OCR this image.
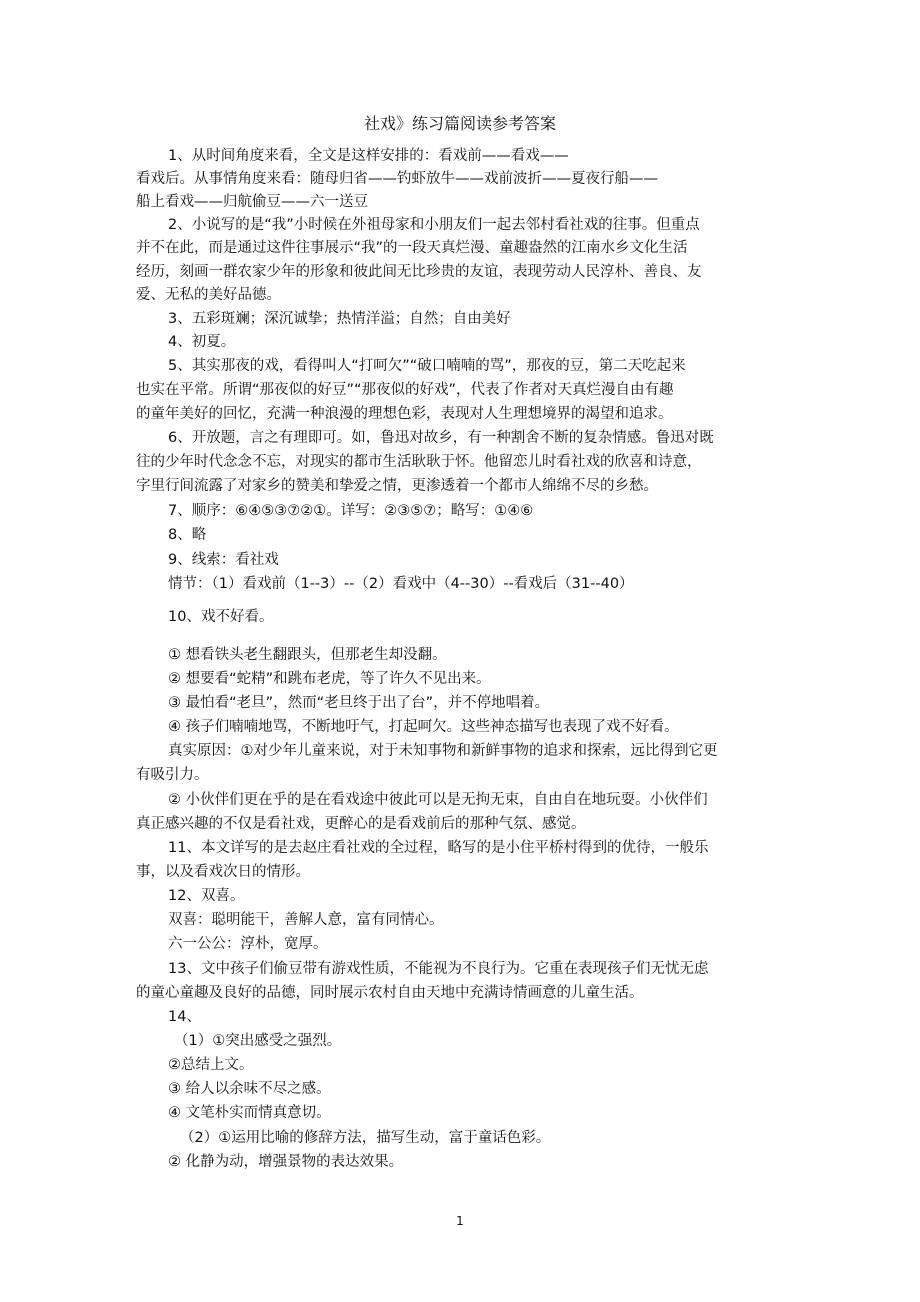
社戏》练习篇阅读参考答案
1、从时间角度来看，全文是这样安排的：看戏前——看戏——
看戏后。从事情角度来看：随母归省——钓虾放牛——戏前波折——夏夜行船——
船上看戏——归航偷豆——六一送豆
2、小说写的是“我”小时候在外祖母家和小朋友们一起去邻村看社戏的往事。但重点
并不在此，而是通过这件往事展示“我”的一段天真烂漫、童趣盎然的江南水乡文化生活
经历，刻画一群农家少年的形象和彼此间无比珍贵的友谊，表现劳动人民淳朴、善良、友
爱、无私的美好品德。
3、五彩斑斓；深沉诚挚；热情洋溢；自然；自由美好
4、初夏。
5、其实那夜的戏，看得叫人“打呵欠”“破口喃喃的骂”，那夜的豆，第二天吃起来
也实在平常。所谓“那夜似的好豆”“那夜似的好戏”，代表了作者对天真烂漫自由有趣
的童年美好的回忆，充满一种浪漫的理想色彩，表现对人生理想境界的渴望和追求。
6、开放题，言之有理即可。如，鲁迅对故乡，有一种割舍不断的复杂情感。鲁迅对既
往的少年时代念念不忘，对现实的都市生活耿耿于怀。他留恋儿时看社戏的欣喜和诗意，
字里行间流露了对家乡的赞美和挚爱之情，更渗透着一个都市人绵绵不尽的乡愁。
7、顺序：⑥④⑤③⑦②①。详写：②③⑤⑦；略写：①④⑥
8、略
9、线索：看社戏
情节：（1）看戏前（1--3）--（2）看戏中（4--30）--看戏后（31--40）
10、戏不好看。
① 想看铁头老生翻跟头，但那老生却没翻。
② 想要看“蛇精”和跳布老虎，等了许久不见出来。
③ 最怕看“老旦”，然而“老旦终于出了台”，并不停地唱着。
④ 孩子们喃喃地骂，不断地吁气，打起呵欠。这些神态描写也表现了戏不好看。
真实原因：①对少年儿童来说，对于未知事物和新鲜事物的追求和探索，远比得到它更
有吸引力。
② 小伙伴们更在乎的是在看戏途中彼此可以是无拘无束，自由自在地玩耍。小伙伴们
真正感兴趣的不仅是看社戏，更醉心的是看戏前后的那种气氛、感觉。
11、本文详写的是去赵庄看社戏的全过程，略写的是小住平桥村得到的优待，一般乐
事，以及看戏次日的情形。
12、双喜。
双喜：聪明能干，善解人意，富有同情心。
六一公公：淳朴，宽厚。
13、文中孩子们偷豆带有游戏性质，不能视为不良行为。它重在表现孩子们无忧无虑
的童心童趣及良好的品德，同时展示农村自由天地中充满诗情画意的儿童生活。
14、
（1）①突出感受之强烈。
②总结上文。
③ 给人以余味不尽之感。
④ 文笔朴实而情真意切。
（2）①运用比喻的修辞方法，描写生动，富于童话色彩。
② 化静为动，增强景物的表达效果。
1
